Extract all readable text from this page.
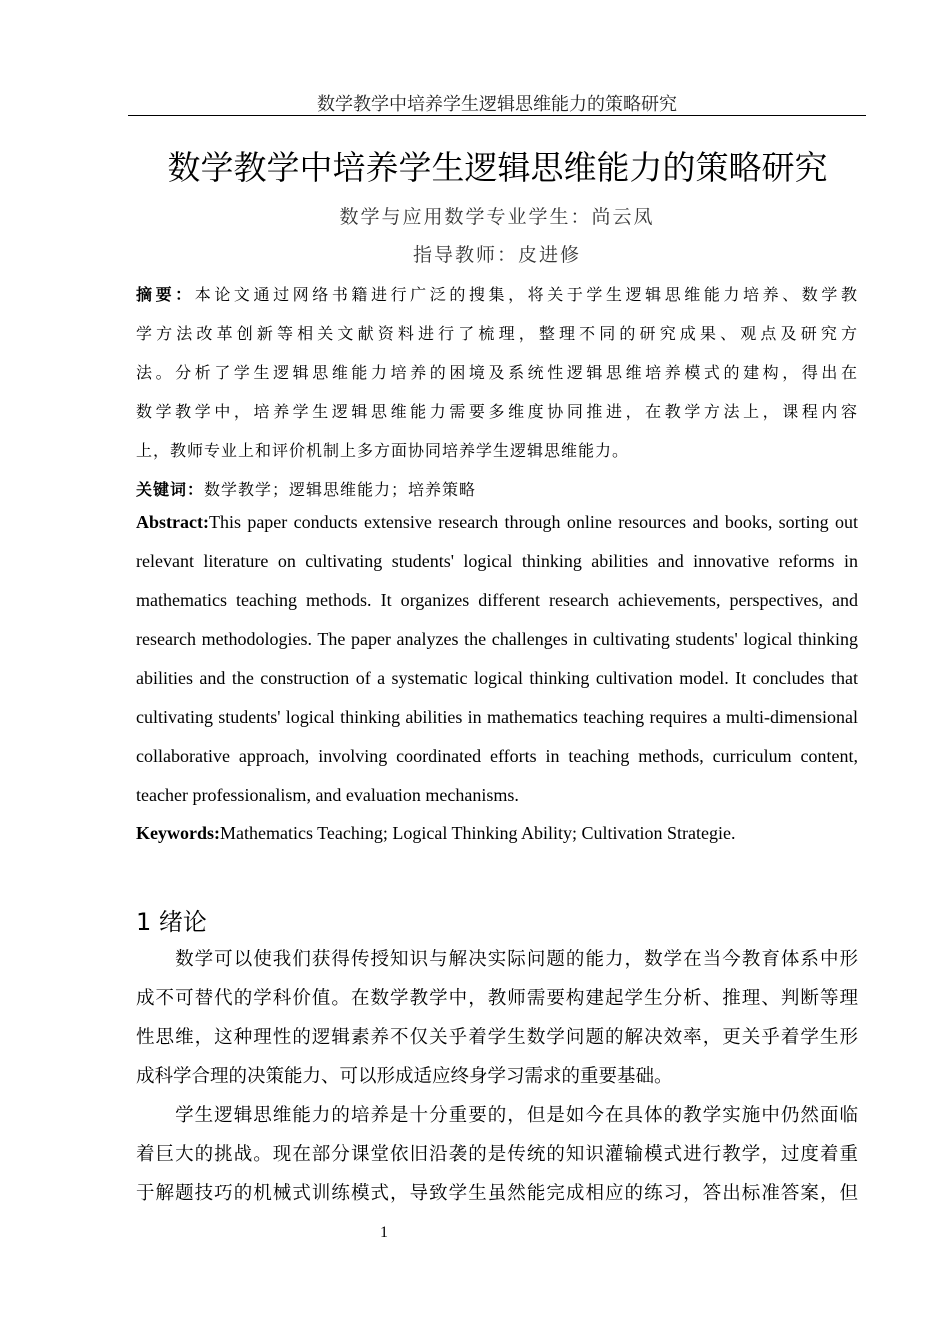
数学教学中培养学生逻辑思维能力的策略研究
数学教学中培养学生逻辑思维能力的策略研究
数学与应用数学专业学生：尚云凤
指导教师：皮进修
摘要：本论文通过网络书籍进行广泛的搜集，将关于学生逻辑思维能力培养、数学教
学方法改革创新等相关文献资料进行了梳理，整理不同的研究成果、观点及研究方
法。分析了学生逻辑思维能力培养的困境及系统性逻辑思维培养模式的建构，得出在
数学教学中，培养学生逻辑思维能力需要多维度协同推进，在教学方法上，课程内容
上，教师专业上和评价机制上多方面协同培养学生逻辑思维能力。
关键词：数学教学；逻辑思维能力；培养策略
Abstract:This paper conducts extensive research through online resources and books, sorting out relevant literature on cultivating students' logical thinking abilities and innovative reforms in mathematics teaching methods. It organizes different research achievements, perspectives, and research methodologies. The paper analyzes the challenges in cultivating students' logical thinking abilities and the construction of a systematic logical thinking cultivation model. It concludes that cultivating students' logical thinking abilities in mathematics teaching requires a multi-dimensional collaborative approach, involving coordinated efforts in teaching methods, curriculum content, teacher professionalism, and evaluation mechanisms.
Keywords:Mathematics Teaching; Logical Thinking Ability; Cultivation Strategie.
1 绪论
　　数学可以使我们获得传授知识与解决实际问题的能力，数学在当今教育体系中形
成不可替代的学科价值。在数学教学中，教师需要构建起学生分析、推理、判断等理
性思维，这种理性的逻辑素养不仅关乎着学生数学问题的解决效率，更关乎着学生形
成科学合理的决策能力、可以形成适应终身学习需求的重要基础。
　　学生逻辑思维能力的培养是十分重要的，但是如今在具体的教学实施中仍然面临
着巨大的挑战。现在部分课堂依旧沿袭的是传统的知识灌输模式进行教学，过度着重
于解题技巧的机械式训练模式，导致学生虽然能完成相应的练习，答出标准答案，但
1
